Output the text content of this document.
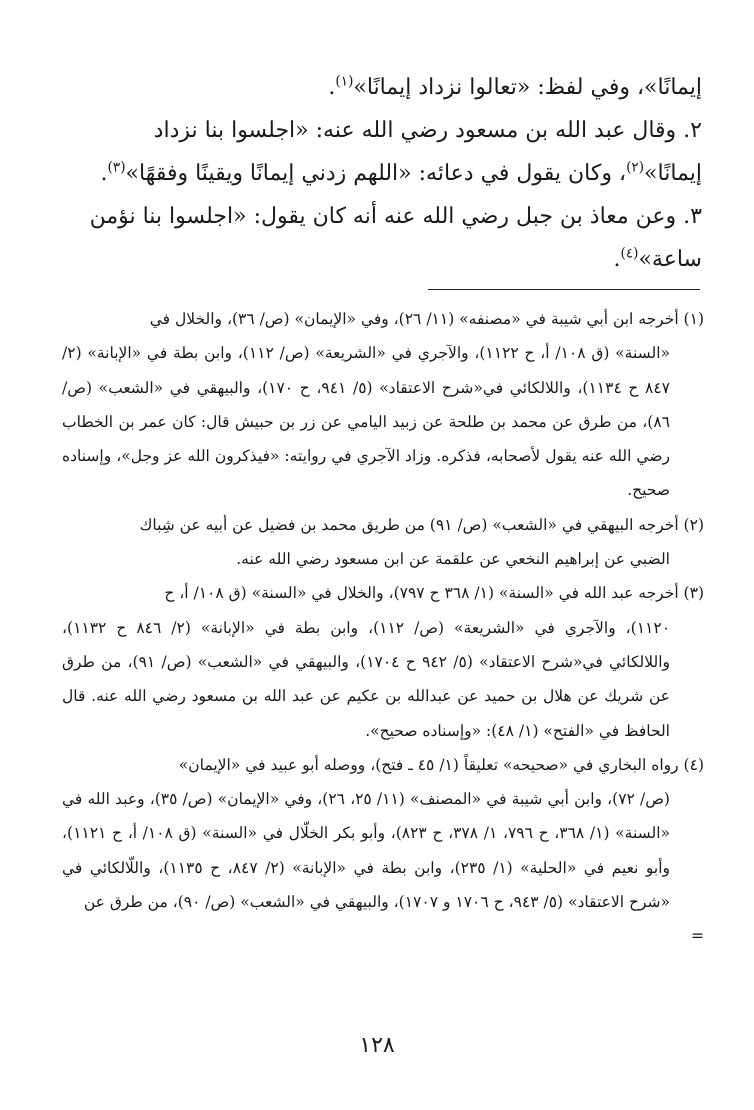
إيمانًا»، وفي لفظ: «تعالوا نزداد إيمانًا»$^{(١)}$.

٢. وقال عبد الله بن مسعود رضي الله عنه: «اجلسوا بنا نزداد

إيمانًا»$^{(٢)}$، وكان يقول في دعائه: «اللهم زدني إيمانًا ويقينًا وفقهًا»$^{(٣)}$.

٣. وعن معاذ بن جبل رضي الله عنه أنه كان يقول: «اجلسوا بنا نؤمن

ساعة»$^{(٤)}$.

(١) أخرجه ابن أبي شيبة في «مصنفه» (١١/ ٢٦)، وفي «الإيمان» (ص/ ٣٦)، والخلال في

«السنة» (ق ١٠٨/ أ، ح ١١٢٢)، والآجري في «الشريعة» (ص/ ١١٢)، وابن بطة في «الإبانة» (٢/ ٨٤٧ ح ١١٣٤)، واللالكائي في«شرح الاعتقاد» (٥/ ٩٤١، ح ١٧٠)، والبيهقي في «الشعب» (ص/ ٨٦)، من طرق عن محمد بن طلحة عن زبيد اليامي عن زر بن حبيش قال: كان عمر بن الخطاب رضي الله عنه يقول لأصحابه، فذكره. وزاد الآجري في روايته: «فيذكرون الله عز وجل»، وإسناده صحيح.

(٢) أخرجه البيهقي في «الشعب» (ص/ ٩١) من طريق محمد بن فضيل عن أبيه عن شِباك

الضبي عن إبراهيم النخعي عن علقمة عن ابن مسعود رضي الله عنه.

(٣) أخرجه عبد الله في «السنة» (١/ ٣٦٨ ح ٧٩٧)، والخلال في «السنة» (ق ١٠٨/ أ، ح

١١٢٠)، والآجري في «الشريعة» (ص/ ١١٢)، وابن بطة في «الإبانة» (٢/ ٨٤٦ ح ١١٣٢)، واللالكائي في«شرح الاعتقاد» (٥/ ٩٤٢ ح ١٧٠٤)، والبيهقي في «الشعب» (ص/ ٩١)، من طرق عن شريك عن هلال بن حميد عن عبدالله بن عكيم عن عبد الله بن مسعود رضي الله عنه. قال الحافظ في «الفتح» (١/ ٤٨): «وإسناده صحيح».

(٤) رواه البخاري في «صحيحه» تعليقاً (١/ ٤٥ ـ فتح)، ووصله أبو عبيد في «الإيمان»

(ص/ ٧٢)، وابن أبي شيبة في «المصنف» (١١/ ٢٥، ٢٦)، وفي «الإيمان» (ص/ ٣٥)، وعبد الله في «السنة» (١/ ٣٦٨، ح ٧٩٦، ١/ ٣٧٨، ح ٨٢٣)، وأبو بكر الخلّال في «السنة» (ق ١٠٨/ أ، ح ١١٢١)، وأبو نعيم في «الحلية» (١/ ٢٣٥)، وابن بطة في «الإبانة» (٢/ ٨٤٧، ح ١١٣٥)، واللّالكائي في «شرح الاعتقاد» (٥/ ٩٤٣، ح ١٧٠٦ و ١٧٠٧)، والبيهقي في «الشعب» (ص/ ٩٠)، من طرق عن

=

١٢٨
